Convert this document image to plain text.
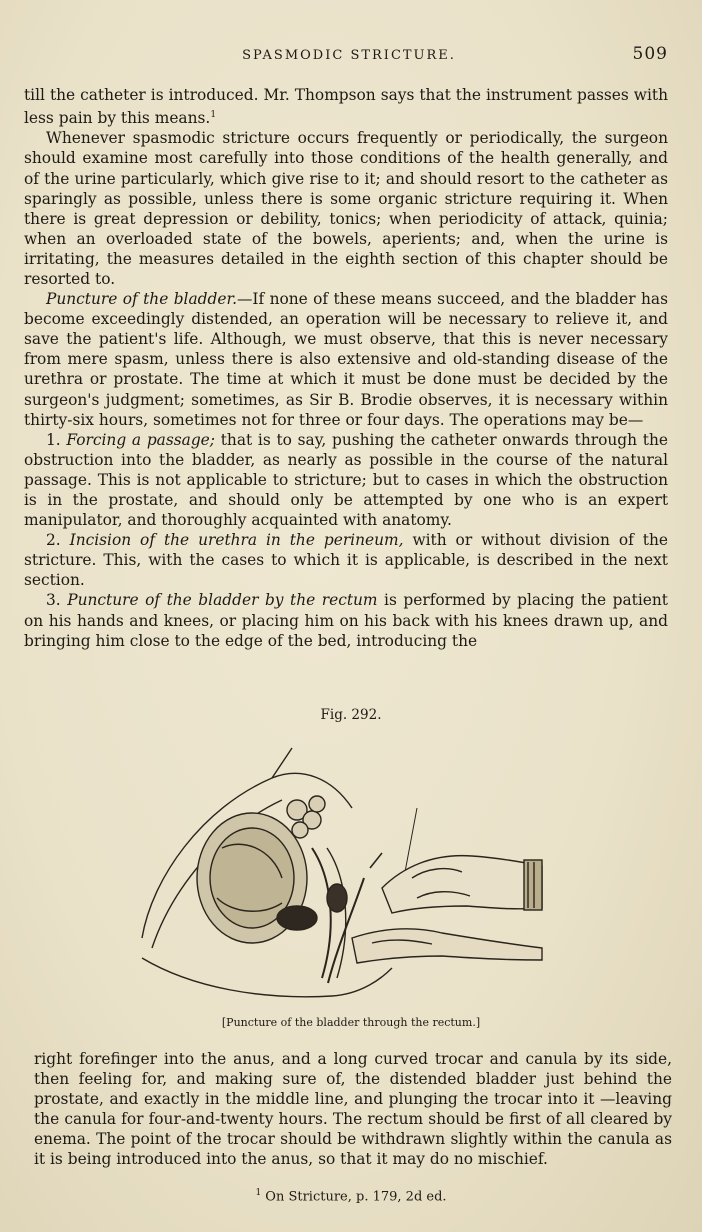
SPASMODIC STRICTURE.	509

till the catheter is introduced. Mr. Thompson says that the instrument passes with less pain by this means.$^1$

Whenever spasmodic stricture occurs frequently or periodically, the surgeon should examine most carefully into those conditions of the health generally, and of the urine particularly, which give rise to it; and should resort to the catheter as sparingly as possible, unless there is some organic stricture requiring it. When there is great depression or debility, tonics; when periodicity of attack, quinia; when an overloaded state of the bowels, aperients; and, when the urine is irritating, the measures detailed in the eighth section of this chapter should be resorted to.

Puncture of the bladder.—If none of these means succeed, and the bladder has become exceedingly distended, an operation will be necessary to relieve it, and save the patient's life. Although, we must observe, that this is never necessary from mere spasm, unless there is also extensive and old-standing disease of the urethra or prostate. The time at which it must be done must be decided by the surgeon's judgment; sometimes, as Sir B. Brodie observes, it is necessary within thirty-six hours, sometimes not for three or four days. The operations may be—

1. Forcing a passage; that is to say, pushing the catheter onwards through the obstruction into the bladder, as nearly as possible in the course of the natural passage. This is not applicable to stricture; but to cases in which the obstruction is in the prostate, and should only be attempted by one who is an expert manipulator, and thoroughly acquainted with anatomy.

2. Incision of the urethra in the perineum, with or without division of the stricture. This, with the cases to which it is applicable, is described in the next section.

3. Puncture of the bladder by the rectum is performed by placing the patient on his hands and knees, or placing him on his back with his knees drawn up, and bringing him close to the edge of the bed, introducing the

Fig. 292.
[Puncture of the bladder through the rectum.]

right forefinger into the anus, and a long curved trocar and canula by its side, then feeling for, and making sure of, the distended bladder just behind the prostate, and exactly in the middle line, and plunging the trocar into it —leaving the canula for four-and-twenty hours. The rectum should be first of all cleared by enema. The point of the trocar should be withdrawn slightly within the canula as it is being introduced into the anus, so that it may do no mischief.

$^1$ On Stricture, p. 179, 2d ed.
